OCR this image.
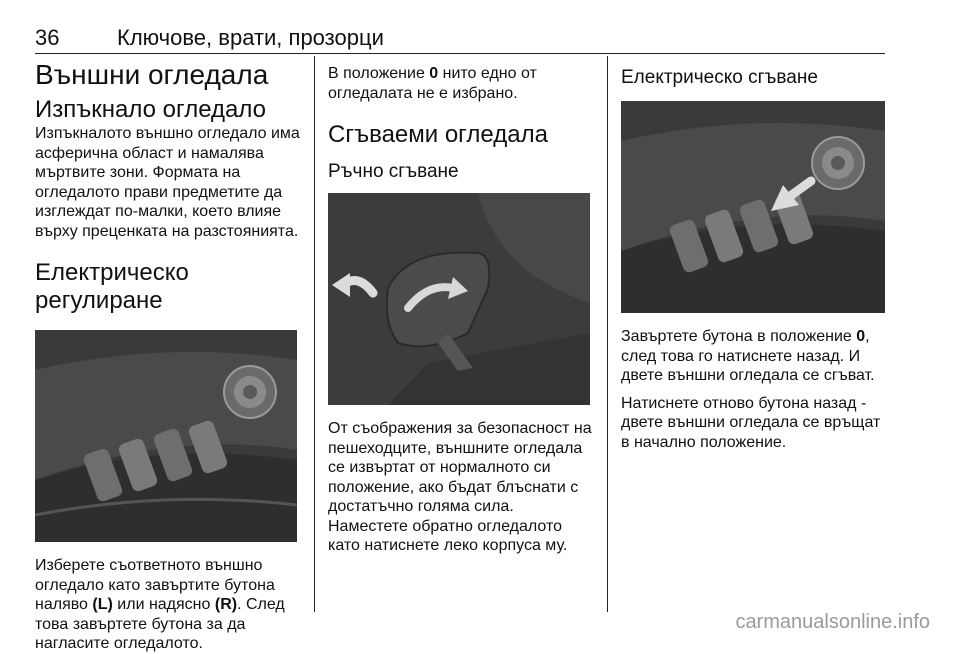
36	Ключове, врати, прозорци
Външни огледала
Изпъкнало огледало

Изпъкналото външно огледало има асферична област и намалява мъртвите зони. Формата на огледалото прави предметите да изглеждат по-малки, което влияе върху преценката на разстоянията.

Електрическо регулиране

Изберете съответното външно огледало като завъртите бутона наляво (L) или надясно (R). След това завъртете бутона за да нагласите огледалото.

В положение 0 нито едно от огледалата не е избрано.

Сгъваеми огледала
Ръчно сгъване

От съображения за безопасност на пешеходците, външните огледала се извъртат от нормалното си положение, ако бъдат блъснати с достатъчно голяма сила. Наместете обратно огледалото като натиснете леко корпуса му.

Електрическо сгъване

Завъртете бутона в положение 0, след това го натиснете назад. И двете външни огледала се сгъват.

Натиснете отново бутона назад - двете външни огледала се връщат в начално положение.

carmanualsonline.info
